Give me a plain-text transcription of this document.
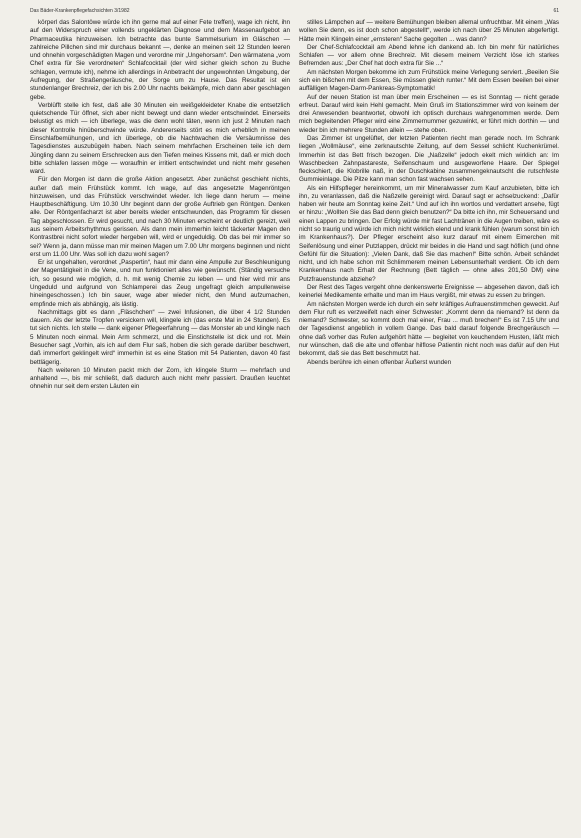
Das Bäder-Krankenpflegefachsichten 3/1982	61

körperl das Salontöwe würde ich ihn gerne mal auf einer Fete treffen), wage ich nicht, ihn auf den Widerspruch einer vollends ungeklärten Diagnose und dem Massenaufgebot an Pharmaceutika hinzuweisen. Ich betrachte das bunte Sammelsurium im Gläschen — zahlreiche Pillchen sind mir durchaus bekannt —, denke an meinen seit 12 Stunden leeren und ohnehin vorgeschädigten Magen und verordne mir „Ungehorsam“. Den wärmatena „vom Chef extra für Sie verordneten“ Schlafcocktail (der wird sicher gleich schon zu Buche schlagen, vermute ich), nehme ich allerdings in Anbetracht der ungewohnten Umgebung, der Aufregung, der Straßengeräusche, der Sorge um zu Hause. Das Resultat ist ein stundenlanger Brechreiz, der ich bis 2.00 Uhr nachts bekämpfe, mich dann aber geschlagen gebe.

Verblüfft stelle ich fest, daß alle 30 Minuten ein weißgekleideter Knabe die entsetzlich quietschende Tür öffnet, sich aber nicht bewegt und dann wieder entschwindet. Einerseits belustigt es mich — ich überlege, was die denn wohl täten, wenn ich just 2 Minuten nach dieser Kontrolle hinüberschwinde würde. Andererseits stört es mich erheblich in meinen Einschlafbemühungen, und ich überlege, ob die Nachtwachen die Versäumnisse des Tagesdienstes auszubügeln haben. Nach seinem mehrfachen Erscheinen teile ich dem Jüngling dann zu seinem Erschrecken aus den Tiefen meines Kissens mit, daß er mich doch bitte schlafen lassen möge — woraufhin er irritiert entschwindet und nicht mehr gesehen ward.

Für den Morgen ist dann die große Aktion angesetzt. Aber zunächst geschieht nichts, außer daß mein Frühstück kommt. Ich wage, auf das angesetzte Magenröntgen hinzuweisen, und das Frühstück verschwindet wieder. Ich liege dann herum — meine Hauptbeschäftigung. Um 10.30 Uhr beginnt dann der große Auftrieb gen Röntgen. Denken alle. Der Röntgenfacharzt ist aber bereits wieder entschwunden, das Programm für diesen Tag abgeschlossen. Er wird gesucht, und nach 30 Minuten erscheint er deutlich gereizt, weil aus seinem Arbeitsrhythmus gerissen. Als dann mein immerhin leicht täckerter Magen den Kontrastbrei nicht sofort wieder hergeben will, wird er ungeduldig. Ob das bei mir immer so sei? Wenn ja, dann müsse man mir meinen Magen um 7.00 Uhr morgens beginnen und nicht erst um 11.00 Uhr. Was soll ich dazu wohl sagen?

Er ist ungehalten, verordnet „Paspertin“, haut mir dann eine Ampulle zur Beschleunigung der Magentätigkeit in die Vene, und nun funktioniert alles wie gewünscht. (Ständig versuche ich, so gesund wie möglich, d. h. mit wenig Chemie zu leben — und hier wird mir ans Ungeduld und aufgrund von Schlamperei das Zeug ungefragt gleich ampullenweise hineingeschossen.) Ich bin sauer, wage aber wieder nicht, den Mund aufzumachen, empfinde mich als abhängig, als lästig.

Nachmittags gibt es dann „Fläschchen“ — zwei Infusionen, die über 4 1/2 Stunden dauern. Als der letzte Tropfen versickern will, klingele ich (das erste Mal in 24 Stunden). Es tut sich nichts. Ich stelle — dank eigener Pflegeerfahrung — das Monster ab und klingle nach 5 Minuten noch einmal. Mein Arm schmerzt, und die Einstichstelle ist dick und rot. Mein Besucher sagt „Vorhin, als ich auf dem Flur saß, hoben die sich gerade darüber beschwert, daß immerfort geklingelt wird“ immerhin ist es eine Station mit 54 Patienten, davon 40 fast bettlägerig.

Nach weiteren 10 Minuten packt mich der Zorn, ich klingele Sturm — mehrfach und anhaltend —, bis mir schließt, daß dadurch auch nicht mehr passiert. Draußen leuchtet ohnehin nur seit dem ersten Läuten ein

stilles Lämpchen auf — weitere Bemühungen bleiben allemal unfruchtbar. Mit einem „Was wollen Sie denn, es ist doch schon abgestellt“, werde ich nach über 25 Minuten abgefertigt. Hätte mein Klingeln einer „ernsteren“ Sache gegolten ... was dann?

Der Chef-Schlafcocktail am Abend lehne ich dankend ab. Ich bin mehr für natürliches Schlafen — vor allem ohne Brechreiz. Mit diesem meinem Verzicht löse ich starkes Befremden aus: „Der Chef hat doch extra für Sie ...“

Am nächsten Morgen bekomme ich zum Frühstück meine Verlegung serviert. „Beeilen Sie sich ein bißchen mit dem Essen, Sie müssen gleich runter.“ Mit dem Essen beeilen bei einer auffälligen Magen-Darm-Pankreas-Symptomatik!

Auf der neuen Station ist man über mein Erscheinen — es ist Sonntag — nicht gerade erfreut. Darauf wird kein Hehl gemacht. Mein Gruß im Stationszimmer wird von keinem der drei Anwesenden beantwortet, obwohl ich optisch durchaus wahrgenommen werde. Dem mich begleitenden Pfleger wird eine Zimmernummer gezuwinkt, er führt mich dorthin — und wieder bin ich mehrere Stunden allein — stehe oben.

Das Zimmer ist ungelüftet, der letzten Patienten riecht man gerade noch. Im Schrank liegen „Wollmäuse“, eine zerknautschte Zeitung, auf dem Sessel schlicht Kuchenkrümel. Immerhin ist das Bett frisch bezogen. Die „Naßzelle“ jedoch ekelt mich wirklich an: Im Waschbecken Zahnpastareste, Seifenschaum und ausgeworfene Haare. Der Spiegel fleckschiert, die Klobrille naß, in der Duschkabine zusammengeknautscht die rutschfeste Gummieinlage. Die Pilze kann man schon fast wachsen sehen.

Als ein Hilfspfleger hereinkommt, um mir Mineralwasser zum Kauf anzubieten, bitte ich ihn, zu veranlassen, daß die Naßzelle gereinigt wird. Darauf sagt er achselzuckend: „Dafür haben wir heute am Sonntag keine Zeit.“ Und auf ich ihn wortlos und verdattert ansehe, fügt er hinzu: „Wollten Sie das Bad denn gleich benutzen?“ Da bitte ich ihn, mir Scheuersand und einen Lappen zu bringen. Der Erfolg würde mir fast Lachtränen in die Augen treiben, wäre es nicht so traurig und würde ich mich nicht wirklich elend und krank fühlen (warum sonst bin ich im Krankenhaus?). Der Pfleger erscheint also kurz darauf mit einem Eimerchen mit Seifenlösung und einer Putzlappen, drückt mir beides in die Hand und sagt höflich (und ohne Gefühl für die Situation): „Vielen Dank, daß Sie das machen!“ Bitte schön. Arbeit schändet nicht, und ich habe schon mit Schlimmerem meinen Lebensunterhalt verdient. Ob ich dem Krankenhaus nach Erhalt der Rechnung (Bett täglich — ohne alles 201,50 DM) eine Putzfrauenstunde abziehe?

Der Rest des Tages vergeht ohne denkenswerte Ereignisse — abgesehen davon, daß ich keinerlei Medikamente erhalte und man im Haus vergißt, mir etwas zu essen zu bringen.

Am nächsten Morgen werde ich durch ein sehr kräftiges Aufrauenstimmchen geweckt. Auf dem Flur ruft es verzweifelt nach einer Schwester: „Kommt denn da niemand? Ist denn da niemand? Schwester, so kommt doch mal einer, Frau ... muß brechen!“ Es ist 7.15 Uhr und der Tagesdienst angeblich in vollem Gange. Das bald darauf folgende Brechgeräusch — ohne daß vorher das Rufen aufgehört hätte — begleitet von keuchendem Husten, läßt mich nur wünschen, daß die alte und offenbar hilflose Patientin nicht noch was dafür auf den Hut bekommt, daß sie das Bett beschmutzt hat.

Abends berühre ich einen offenbar Äußerst wunden
